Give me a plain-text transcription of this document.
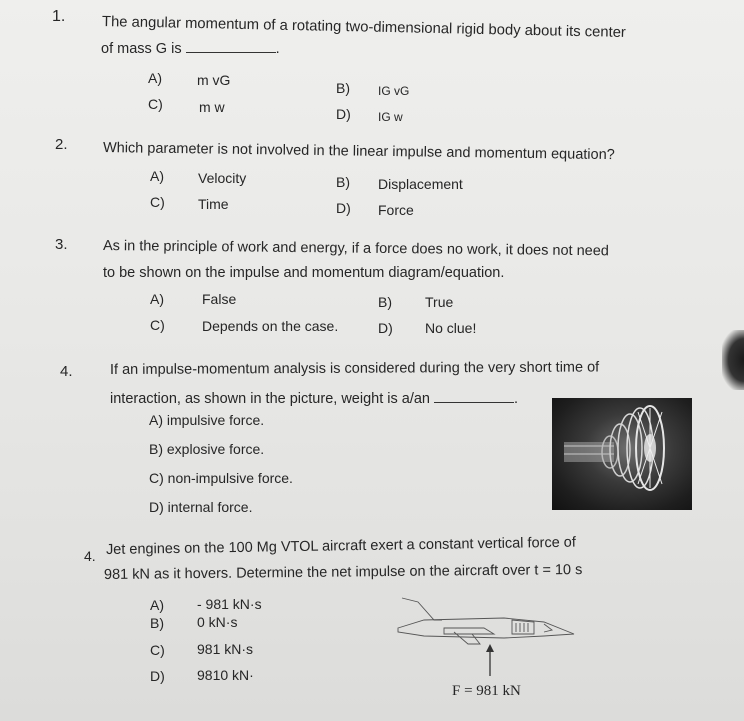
1. The angular momentum of a rotating two-dimensional rigid body about its center
of mass G is	.
A)	m vG	B) IG vG
C)	m w	D) IG w
2. Which parameter is not involved in the linear impulse and momentum equation?
A) Velocity	B) Displacement
C) Time	D) Force
3. As in the principle of work and energy, if a force does no work, it does not need
to be shown on the impulse and momentum diagram/equation.
A)	False	B) True
C)	Depends on the case.	D) No clue!
4.	If an impulse-momentum analysis is considered during the very short time of
interaction, as shown in the picture, weight is a/an	.
A) impulsive force.
B) explosive force.
C) non-impulsive force.
D) internal force.
4. Jet engines on the 100 Mg VTOL aircraft exert a constant vertical force of
981 kN as it hovers. Determine the net impulse on the aircraft over t = 10 s
A) - 981 kN·s
B) 0 kN·s
C) 981 kN·s
D) 9810 kN·
F = 981 kN
